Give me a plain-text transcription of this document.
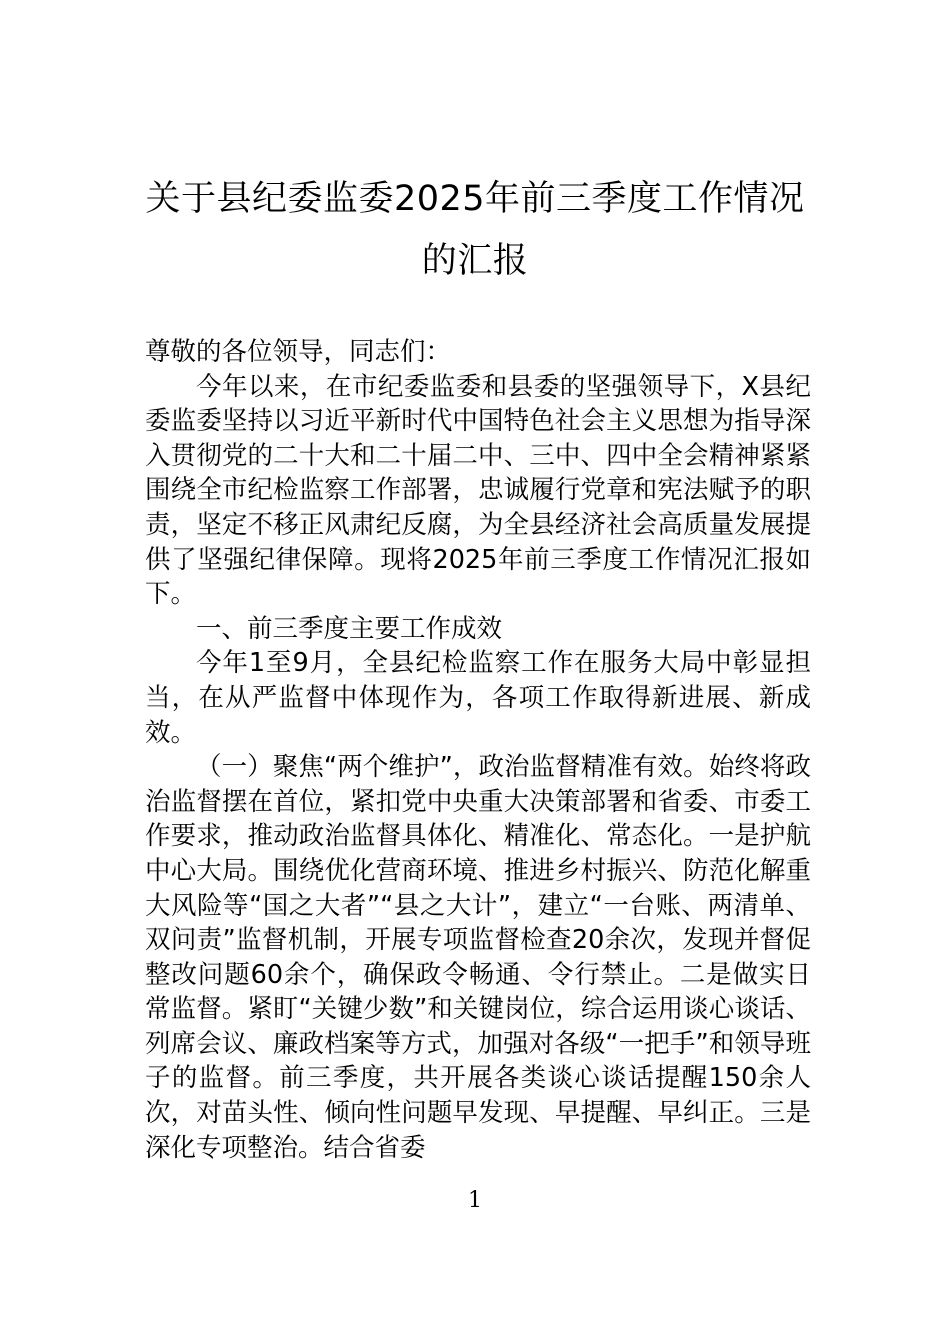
关于县纪委监委2025年前三季度工作情况
的汇报

尊敬的各位领导，同志们：

今年以来，在市纪委监委和县委的坚强领导下，X县纪委监委坚持以习近平新时代中国特色社会主义思想为指导深入贯彻党的二十大和二十届二中、三中、四中全会精神紧紧围绕全市纪检监察工作部署，忠诚履行党章和宪法赋予的职责，坚定不移正风肃纪反腐，为全县经济社会高质量发展提供了坚强纪律保障。现将2025年前三季度工作情况汇报如下。

一、前三季度主要工作成效

今年1至9月，全县纪检监察工作在服务大局中彰显担当，在从严监督中体现作为，各项工作取得新进展、新成效。

（一）聚焦“两个维护”，政治监督精准有效。始终将政治监督摆在首位，紧扣党中央重大决策部署和省委、市委工作要求，推动政治监督具体化、精准化、常态化。一是护航中心大局。围绕优化营商环境、推进乡村振兴、防范化解重大风险等“国之大者”“县之大计”，建立“一台账、两清单、双问责”监督机制，开展专项监督检查20余次，发现并督促整改问题60余个，确保政令畅通、令行禁止。二是做实日常监督。紧盯“关键少数”和关键岗位，综合运用谈心谈话、列席会议、廉政档案等方式，加强对各级“一把手”和领导班子的监督。前三季度，共开展各类谈心谈话提醒150余人次，对苗头性、倾向性问题早发现、早提醒、早纠正。三是深化专项整治。结合省委

1
